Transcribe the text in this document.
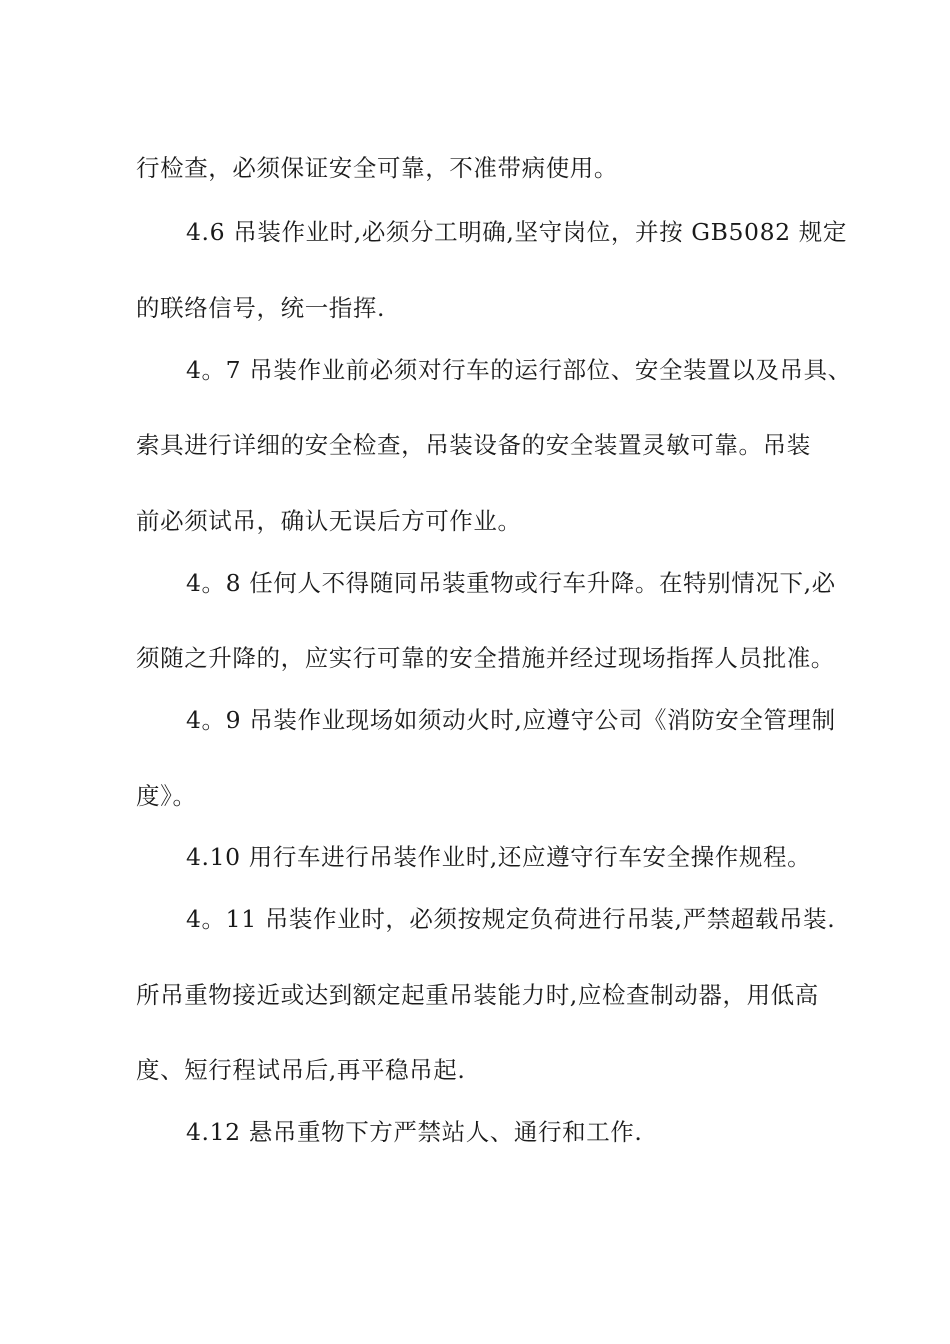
行检查，必须保证安全可靠，不准带病使用。
4.6 吊装作业时,必须分工明确,坚守岗位，并按 GB5082 规定
的联络信号，统一指挥.
4。7 吊装作业前必须对行车的运行部位、安全装置以及吊具、
索具进行详细的安全检查，吊装设备的安全装置灵敏可靠。吊装
前必须试吊，确认无误后方可作业。
4。8 任何人不得随同吊装重物或行车升降。在特别情况下,必
须随之升降的，应实行可靠的安全措施并经过现场指挥人员批准。
4。9 吊装作业现场如须动火时,应遵守公司《消防安全管理制
度》。
4.10 用行车进行吊装作业时,还应遵守行车安全操作规程。
4。11 吊装作业时，必须按规定负荷进行吊装,严禁超载吊装.
所吊重物接近或达到额定起重吊装能力时,应检查制动器，用低高
度、短行程试吊后,再平稳吊起.
4.12 悬吊重物下方严禁站人、通行和工作.
